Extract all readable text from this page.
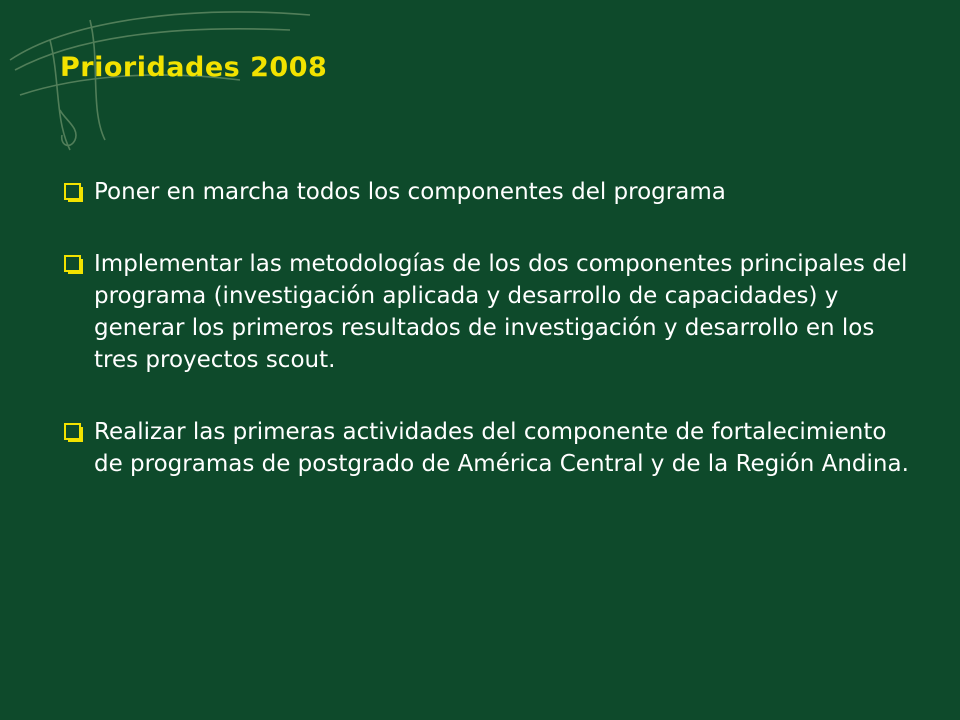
Prioridades 2008
Poner en marcha todos los componentes del programa
Implementar las metodologías de los dos componentes principales del programa (investigación aplicada y desarrollo de capacidades) y generar los primeros resultados de investigación y desarrollo en los tres proyectos scout.
Realizar las primeras actividades del componente de fortalecimiento de programas de postgrado de América Central y de la Región Andina.
